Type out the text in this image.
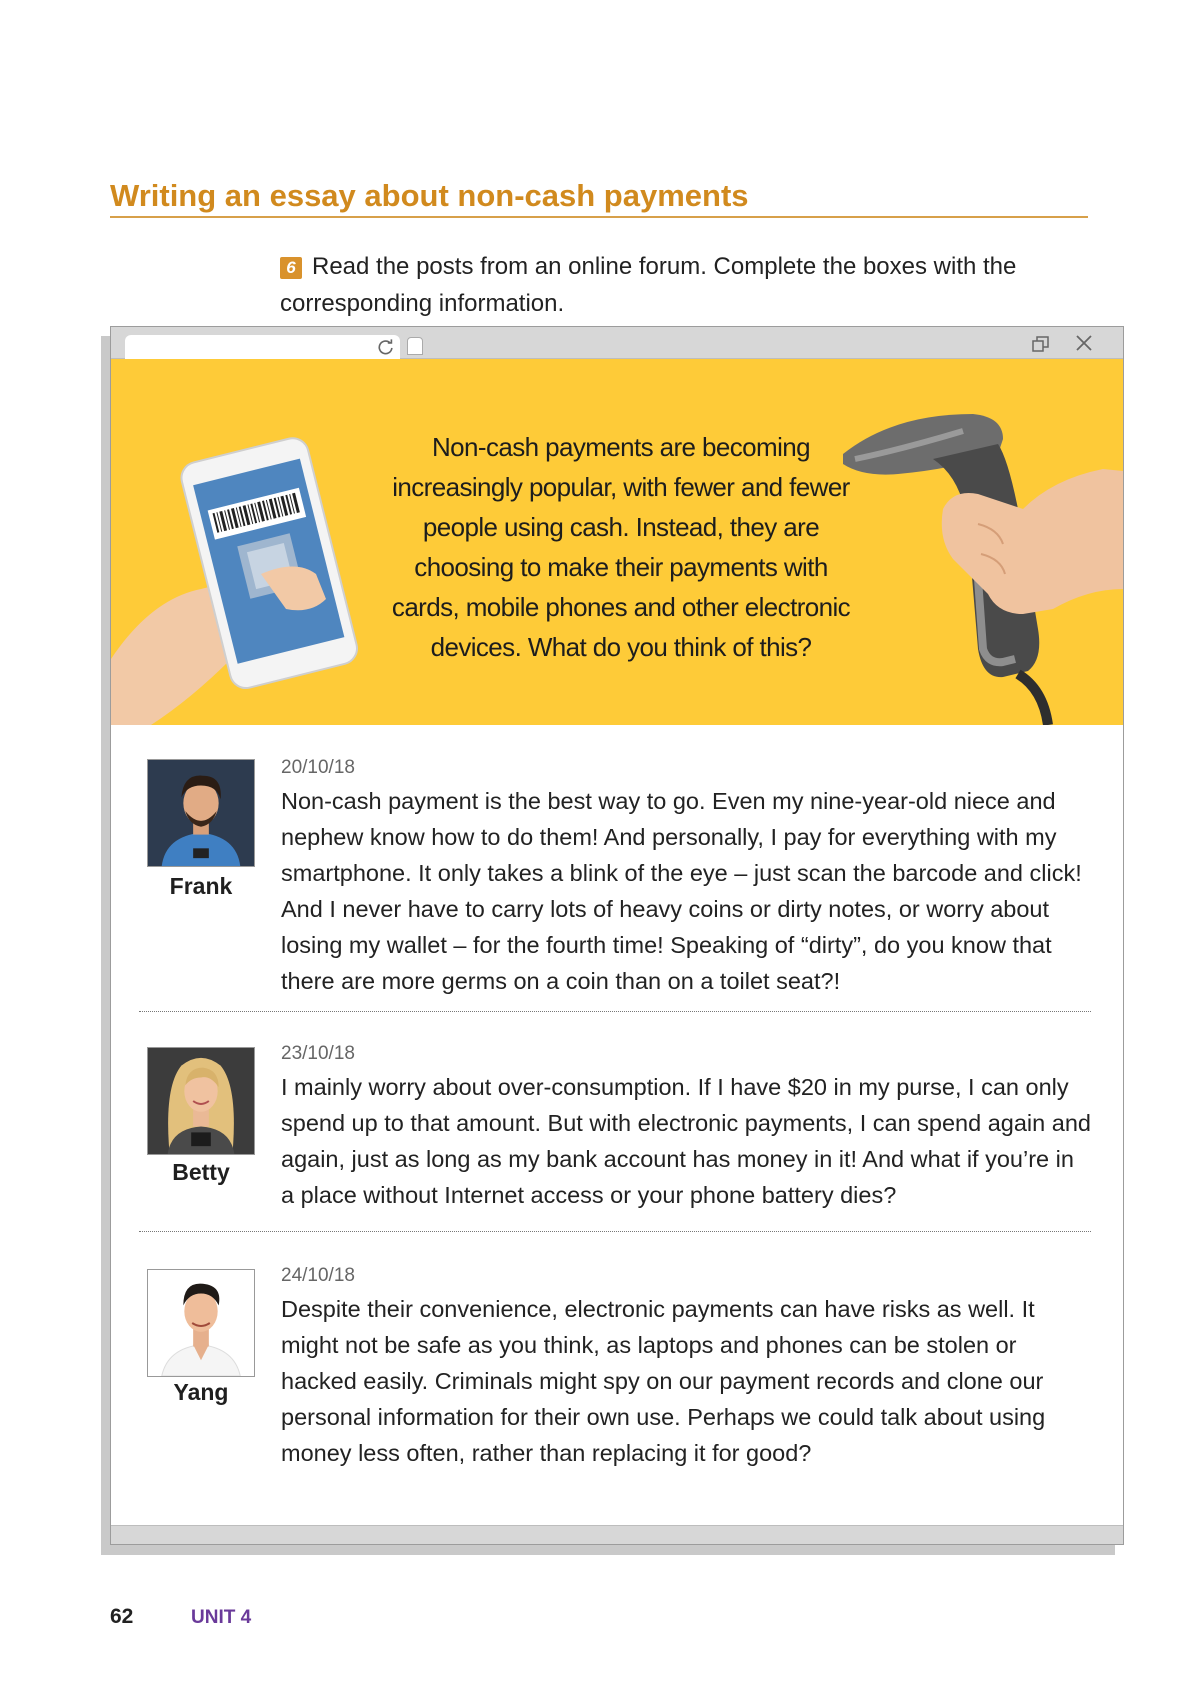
Writing an essay about non-cash payments
6 Read the posts from an online forum. Complete the boxes with the corresponding information.
Non-cash payments are becoming increasingly popular, with fewer and fewer people using cash. Instead, they are choosing to make their payments with cards, mobile phones and other electronic devices. What do you think of this?
Frank
20/10/18
Non-cash payment is the best way to go. Even my nine-year-old niece and nephew know how to do them! And personally, I pay for everything with my smartphone. It only takes a blink of the eye – just scan the barcode and click! And I never have to carry lots of heavy coins or dirty notes, or worry about losing my wallet – for the fourth time! Speaking of “dirty”, do you know that there are more germs on a coin than on a toilet seat?!
Betty
23/10/18
I mainly worry about over-consumption. If I have $20 in my purse, I can only spend up to that amount. But with electronic payments, I can spend again and again, just as long as my bank account has money in it! And what if you’re in a place without Internet access or your phone battery dies?
Yang
24/10/18
Despite their convenience, electronic payments can have risks as well. It might not be safe as you think, as laptops and phones can be stolen or hacked easily. Criminals might spy on our payment records and clone our personal information for their own use. Perhaps we could talk about using money less often, rather than replacing it for good?
62	UNIT 4
